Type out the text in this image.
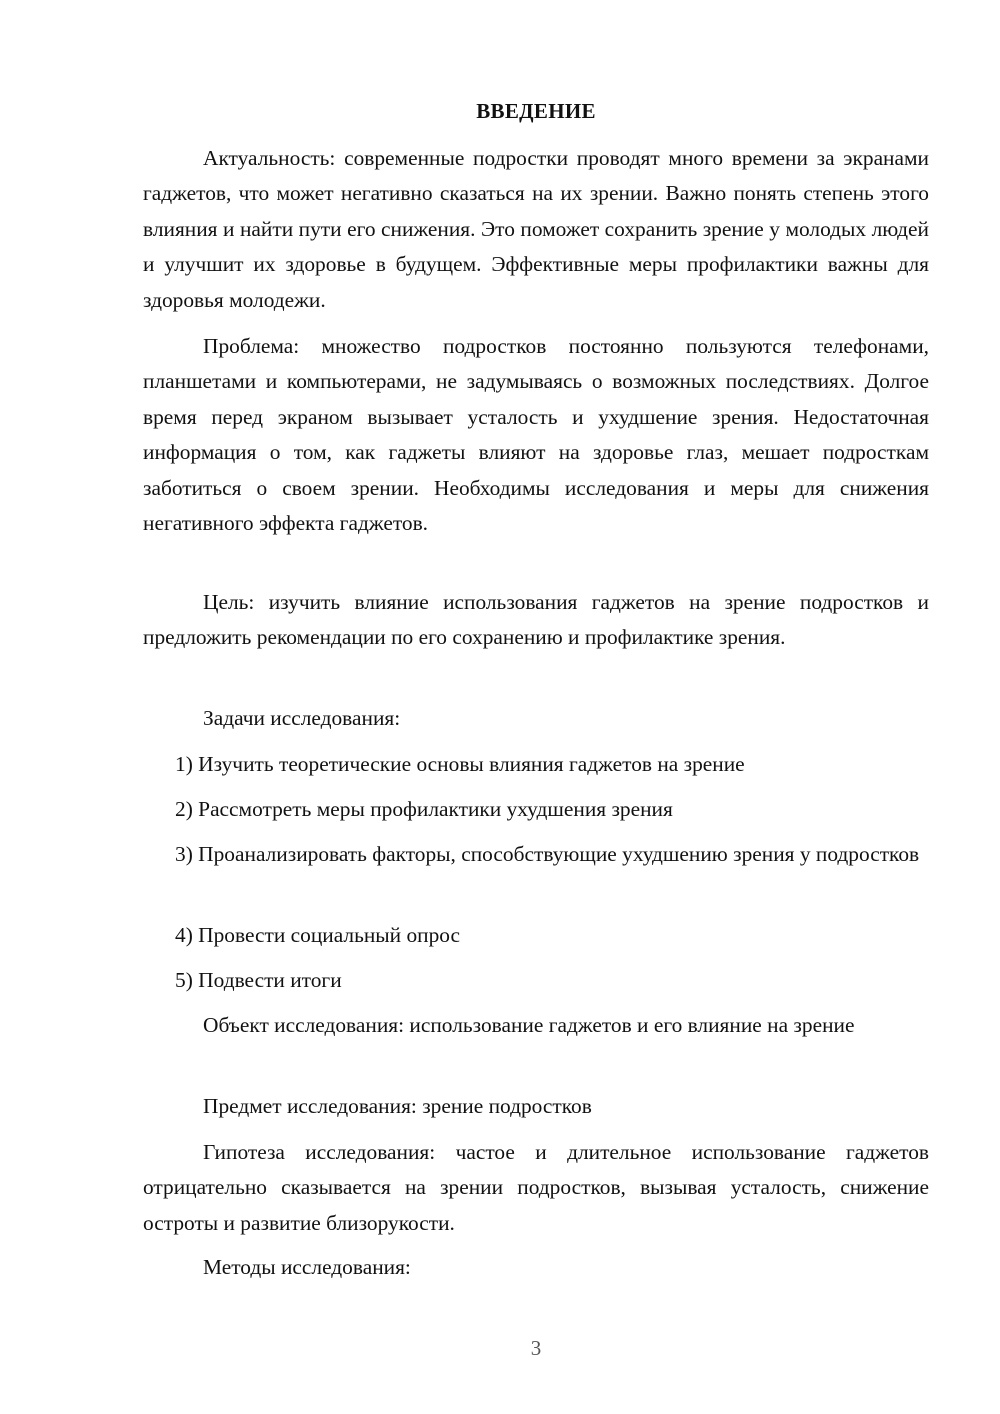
ВВЕДЕНИЕ

Актуальность: современные подростки проводят много времени за экранами гаджетов, что может негативно сказаться на их зрении. Важно понять степень этого влияния и найти пути его снижения. Это поможет сохранить зрение у молодых людей и улучшит их здоровье в будущем. Эффективные меры профилактики важны для здоровья молодежи.

Проблема: множество подростков постоянно пользуются телефонами, планшетами и компьютерами, не задумываясь о возможных последствиях. Долгое время перед экраном вызывает усталость и ухудшение зрения. Недостаточная информация о том, как гаджеты влияют на здоровье глаз, мешает подросткам заботиться о своем зрении. Необходимы исследования и меры для снижения негативного эффекта гаджетов.

Цель: изучить влияние использования гаджетов на зрение подростков и предложить рекомендации по его сохранению и профилактике зрения.

Задачи исследования:

1) Изучить теоретические основы влияния гаджетов на зрение

2) Рассмотреть меры профилактики ухудшения зрения

3) Проанализировать факторы, способствующие ухудшению зрения у подростков

4) Провести социальный опрос

5) Подвести итоги

Объект исследования: использование гаджетов и его влияние на зрение

Предмет исследования: зрение подростков

Гипотеза исследования: частое и длительное использование гаджетов отрицательно сказывается на зрении подростков, вызывая усталость, снижение остроты и развитие близорукости.

Методы исследования:

3
